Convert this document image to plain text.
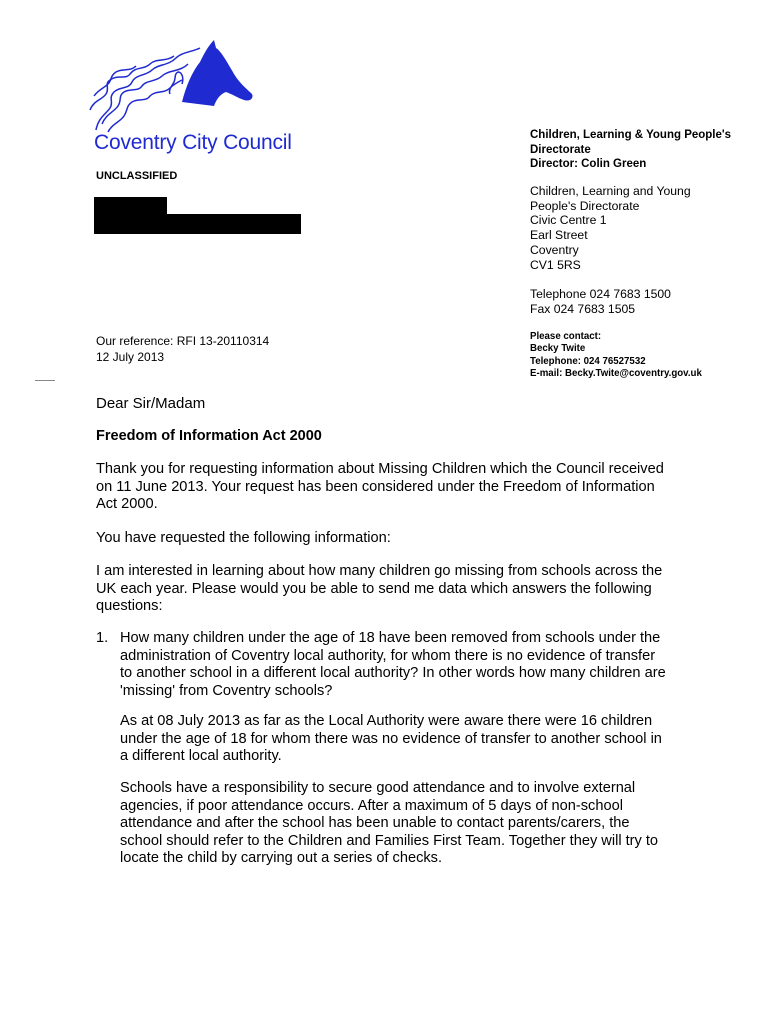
Coventry City Council	Children, Learning & Young People's
Directorate
Director: Colin Green
UNCLASSIFIED
Children, Learning and Young
People's Directorate
Civic Centre 1
Earl Street
Coventry
CV1 5RS
Telephone 024 7683 1500
Fax 024 7683 1505
Our reference: RFI 13-20110314
12 July 2013
Please contact:
Becky Twite
Telephone: 024 76527532
E-mail: Becky.Twite@coventry.gov.uk
Dear Sir/Madam
Freedom of Information Act 2000
Thank you for requesting information about Missing Children which the Council received
on 11 June 2013. Your request has been considered under the Freedom of Information
Act 2000.
You have requested the following information:
I am interested in learning about how many children go missing from schools across the
UK each year. Please would you be able to send me data which answers the following
questions:
1. How many children under the age of 18 have been removed from schools under the
administration of Coventry local authority, for whom there is no evidence of transfer
to another school in a different local authority? In other words how many children are
'missing' from Coventry schools?
As at 08 July 2013 as far as the Local Authority were aware there were 16 children
under the age of 18 for whom there was no evidence of transfer to another school in
a different local authority.
Schools have a responsibility to secure good attendance and to involve external
agencies, if poor attendance occurs. After a maximum of 5 days of non-school
attendance and after the school has been unable to contact parents/carers, the
school should refer to the Children and Families First Team. Together they will try to
locate the child by carrying out a series of checks.
